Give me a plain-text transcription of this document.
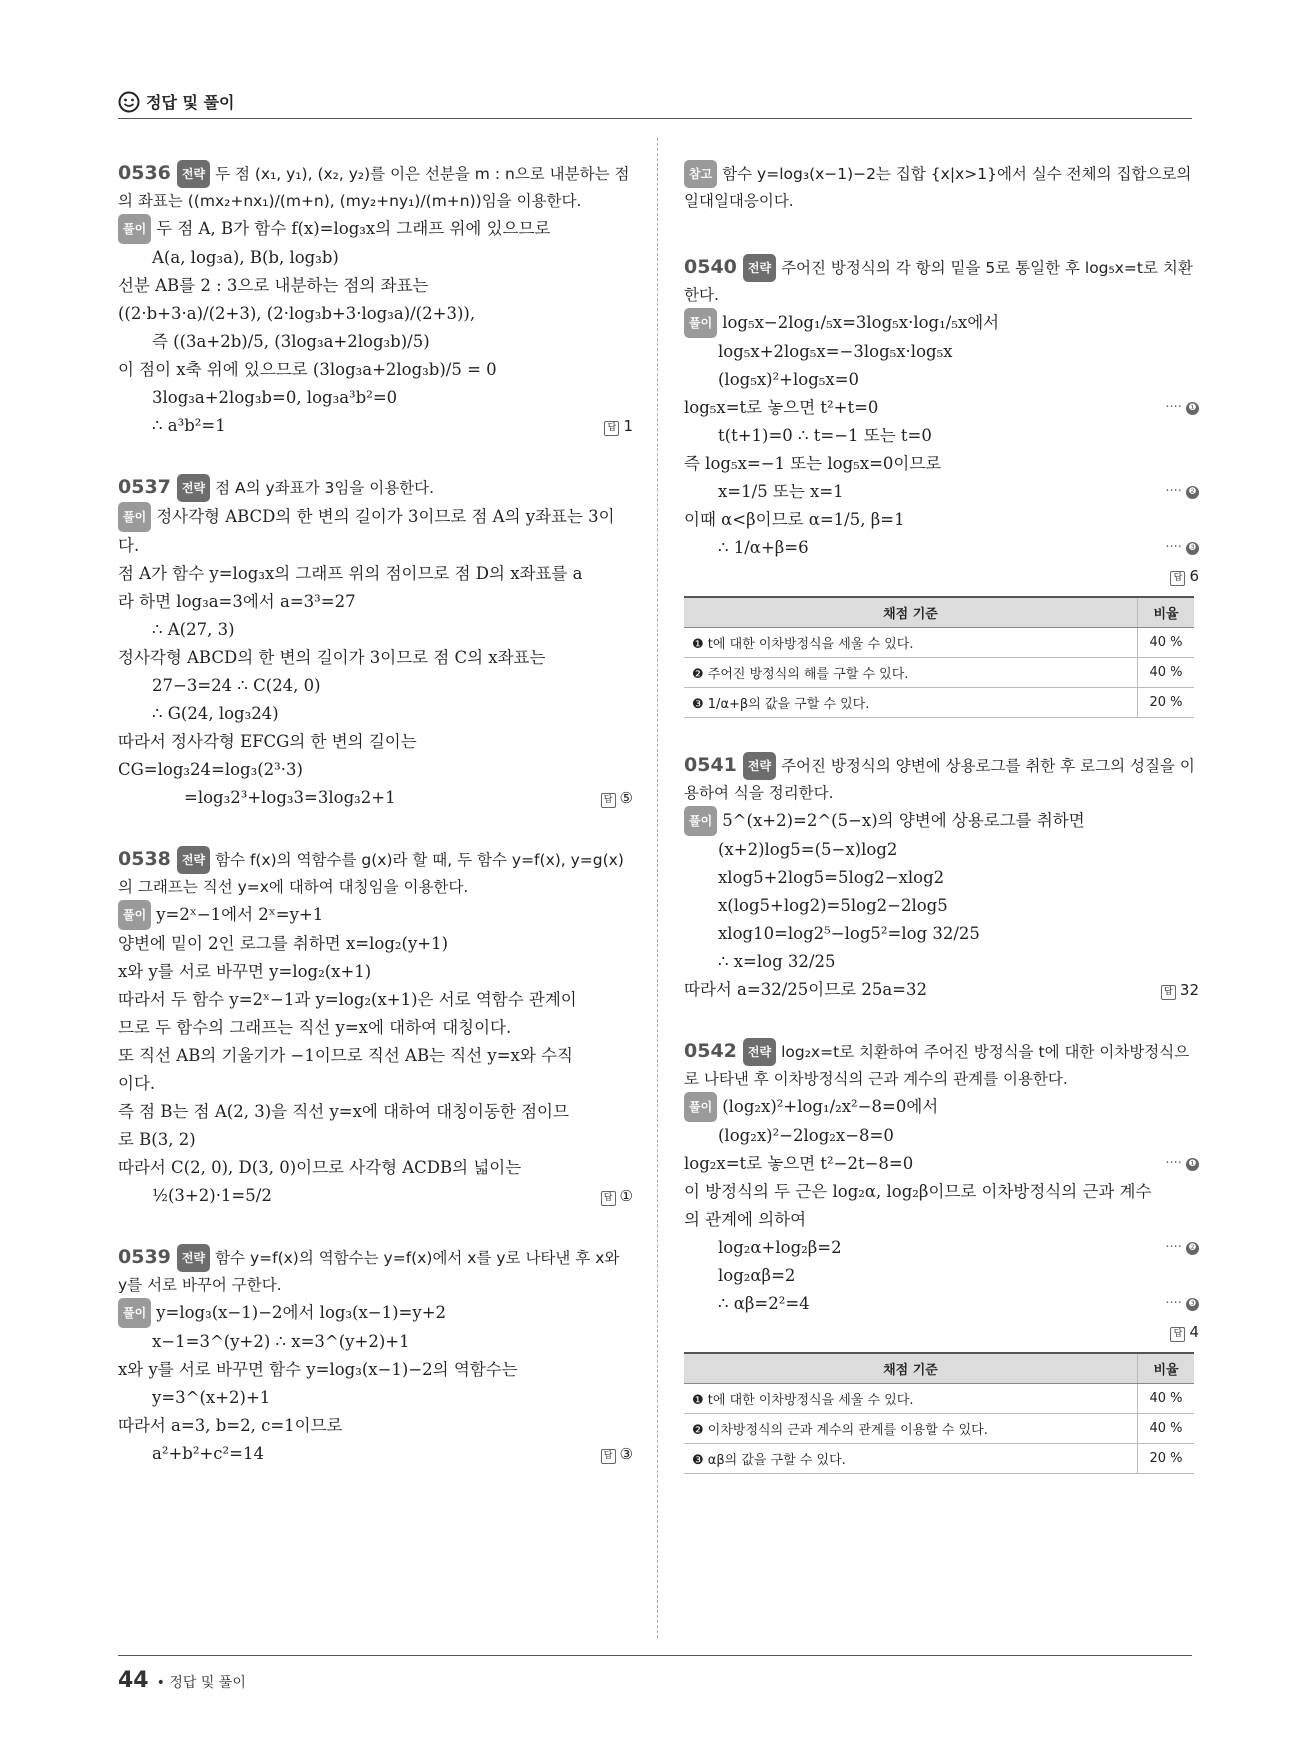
정답 및 풀이
0536 전략 두 점 (x₁, y₁), (x₂, y₂)를 이은 선분을 m : n으로 내분하는 점의 좌표는 ((mx₂+nx₁)/(m+n), (my₂+ny₁)/(m+n))임을 이용한다.
풀이 두 점 A, B가 함수 f(x)=log₃x의 그래프 위에 있으므로
A(a, log₃a), B(b, log₃b)
선분 AB를 2 : 3으로 내분하는 점의 좌표는
((2·b+3·a)/(2+3), (2·log₃b+3·log₃a)/(2+3)),
즉 ((3a+2b)/5, (3log₃a+2log₃b)/5)
이 점이 x축 위에 있으므로 (3log₃a+2log₃b)/5 = 0
3log₃a+2log₃b=0, log₃a³b²=0
∴ a³b²=1	답 1
0537 전략 점 A의 y좌표가 3임을 이용한다.
풀이 정사각형 ABCD의 한 변의 길이가 3이므로 점 A의 y좌표는 3이다.
점 A가 함수 y=log₃x의 그래프 위의 점이므로 점 D의 x좌표를 a
라 하면 log₃a=3에서 a=3³=27
∴ A(27, 3)
정사각형 ABCD의 한 변의 길이가 3이므로 점 C의 x좌표는
27−3=24 ∴ C(24, 0)
∴ G(24, log₃24)
따라서 정사각형 EFCG의 한 변의 길이는
CG=log₃24=log₃(2³·3)
=log₃2³+log₃3=3log₃2+1	답 ⑤
0538 전략 함수 f(x)의 역함수를 g(x)라 할 때, 두 함수 y=f(x), y=g(x)의 그래프는 직선 y=x에 대하여 대칭임을 이용한다.
풀이 y=2ˣ−1에서 2ˣ=y+1
양변에 밑이 2인 로그를 취하면 x=log₂(y+1)
x와 y를 서로 바꾸면 y=log₂(x+1)
따라서 두 함수 y=2ˣ−1과 y=log₂(x+1)은 서로 역함수 관계이
므로 두 함수의 그래프는 직선 y=x에 대하여 대칭이다.
또 직선 AB의 기울기가 −1이므로 직선 AB는 직선 y=x와 수직
이다.
즉 점 B는 점 A(2, 3)을 직선 y=x에 대하여 대칭이동한 점이므
로 B(3, 2)
따라서 C(2, 0), D(3, 0)이므로 사각형 ACDB의 넓이는
½(3+2)·1=5/2	답 ①
0539 전략 함수 y=f(x)의 역함수는 y=f(x)에서 x를 y로 나타낸 후 x와 y를 서로 바꾸어 구한다.
풀이 y=log₃(x−1)−2에서 log₃(x−1)=y+2
x−1=3^(y+2) ∴ x=3^(y+2)+1
x와 y를 서로 바꾸면 함수 y=log₃(x−1)−2의 역함수는
y=3^(x+2)+1
따라서 a=3, b=2, c=1이므로
a²+b²+c²=14	답 ③
참고 함수 y=log₃(x−1)−2는 집합 {x|x>1}에서 실수 전체의 집합으로의 일대일대응이다.
0540 전략 주어진 방정식의 각 항의 밑을 5로 통일한 후 log₅x=t로 치환한다.
풀이 log₅x−2log₁/₅x=3log₅x·log₁/₅x에서
log₅x+2log₅x=−3log₅x·log₅x
(log₅x)²+log₅x=0
log₅x=t로 놓으면 t²+t=0	···· ❶
t(t+1)=0 ∴ t=−1 또는 t=0
즉 log₅x=−1 또는 log₅x=0이므로
x=1/5 또는 x=1	···· ❷
이때 α<β이므로 α=1/5, β=1
∴ 1/α+β=6	···· ❸
답 6
채점 기준	비율
❶ t에 대한 이차방정식을 세울 수 있다.	40 %
❷ 주어진 방정식의 해를 구할 수 있다.	40 %
❸ 1/α+β의 값을 구할 수 있다.	20 %
0541 전략 주어진 방정식의 양변에 상용로그를 취한 후 로그의 성질을 이용하여 식을 정리한다.
풀이 5^(x+2)=2^(5−x)의 양변에 상용로그를 취하면
(x+2)log5=(5−x)log2
xlog5+2log5=5log2−xlog2
x(log5+log2)=5log2−2log5
xlog10=log2⁵−log5²=log 32/25
∴ x=log 32/25
따라서 a=32/25이므로 25a=32	답 32
0542 전략 log₂x=t로 치환하여 주어진 방정식을 t에 대한 이차방정식으로 나타낸 후 이차방정식의 근과 계수의 관계를 이용한다.
풀이 (log₂x)²+log₁/₂x²−8=0에서
(log₂x)²−2log₂x−8=0
log₂x=t로 놓으면 t²−2t−8=0	···· ❶
이 방정식의 두 근은 log₂α, log₂β이므로 이차방정식의 근과 계수
의 관계에 의하여
log₂α+log₂β=2	···· ❷
log₂αβ=2
∴ αβ=2²=4	···· ❸
답 4
채점 기준	비율
❶ t에 대한 이차방정식을 세울 수 있다.	40 %
❷ 이차방정식의 근과 계수의 관계를 이용할 수 있다.	40 %
❸ αβ의 값을 구할 수 있다.	20 %
44 • 정답 및 풀이
